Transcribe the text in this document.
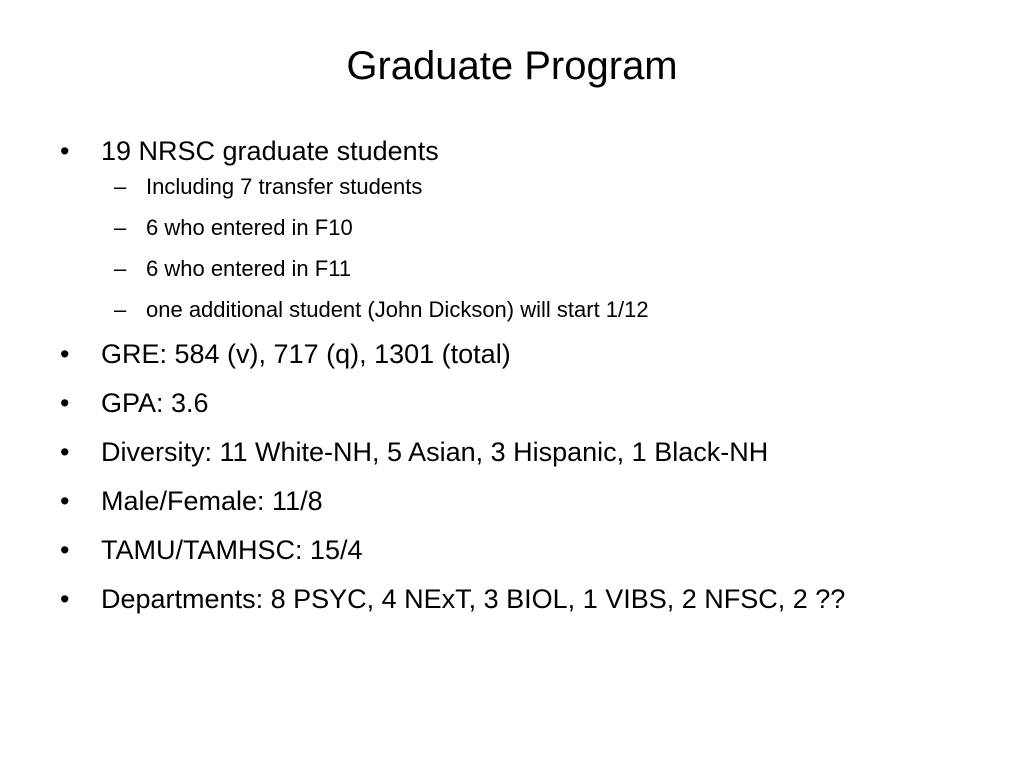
Graduate Program
•	19 NRSC graduate students
– Including 7 transfer students
– 6 who entered in F10
– 6 who entered in F11
– one additional student (John Dickson) will start 1/12
•	GRE: 584 (v), 717 (q), 1301 (total)
•	GPA: 3.6
•	Diversity: 11 White-NH, 5 Asian, 3 Hispanic, 1 Black-NH
•	Male/Female: 11/8
•	TAMU/TAMHSC: 15/4
•	Departments: 8 PSYC, 4 NExT, 3 BIOL, 1 VIBS, 2 NFSC, 2 ??
